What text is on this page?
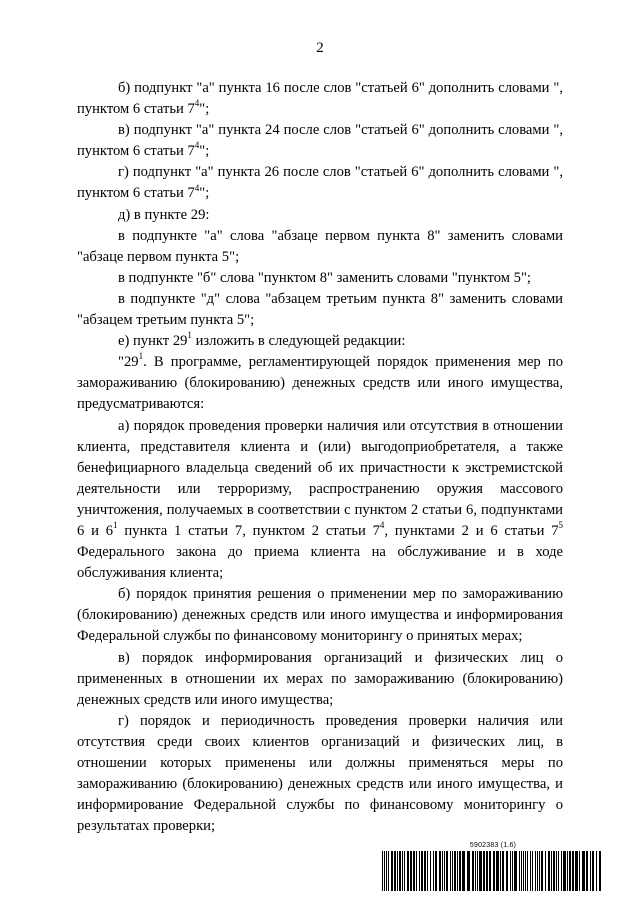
2

б) подпункт "а" пункта 16 после слов "статьей 6" дополнить словами ", пунктом 6 статьи $7^4$";

в) подпункт "а" пункта 24 после слов "статьей 6" дополнить словами ", пунктом 6 статьи $7^4$";

г) подпункт "а" пункта 26 после слов "статьей 6" дополнить словами ", пунктом 6 статьи $7^4$";

д) в пункте 29:

в подпункте "а" слова "абзаце первом пункта 8" заменить словами "абзаце первом пункта 5";

в подпункте "б" слова "пунктом 8" заменить словами "пунктом 5";

в подпункте "д" слова "абзацем третьим пункта 8" заменить словами "абзацем третьим пункта 5";

е) пункт $29^1$ изложить в следующей редакции:

"$29^1$. В программе, регламентирующей порядок применения мер по замораживанию (блокированию) денежных средств или иного имущества, предусматриваются:

а) порядок проведения проверки наличия или отсутствия в отношении клиента, представителя клиента и (или) выгодоприобретателя, а также бенефициарного владельца сведений об их причастности к экстремистской деятельности или терроризму, распространению оружия массового уничтожения, получаемых в соответствии с пунктом 2 статьи 6, подпунктами 6 и $6^1$ пункта 1 статьи 7, пунктом 2 статьи $7^4$, пунктами 2 и 6 статьи $7^5$ Федерального закона до приема клиента на обслуживание и в ходе обслуживания клиента;

б) порядок принятия решения о применении мер по замораживанию (блокированию) денежных средств или иного имущества и информирования Федеральной службы по финансовому мониторингу о принятых мерах;

в) порядок информирования организаций и физических лиц о примененных в отношении их мерах по замораживанию (блокированию) денежных средств или иного имущества;

г) порядок и периодичность проведения проверки наличия или отсутствия среди своих клиентов организаций и физических лиц, в отношении которых применены или должны применяться меры по замораживанию (блокированию) денежных средств или иного имущества, и информирование Федеральной службы по финансовому мониторингу о результатах проверки;

5902383 (1.6)
